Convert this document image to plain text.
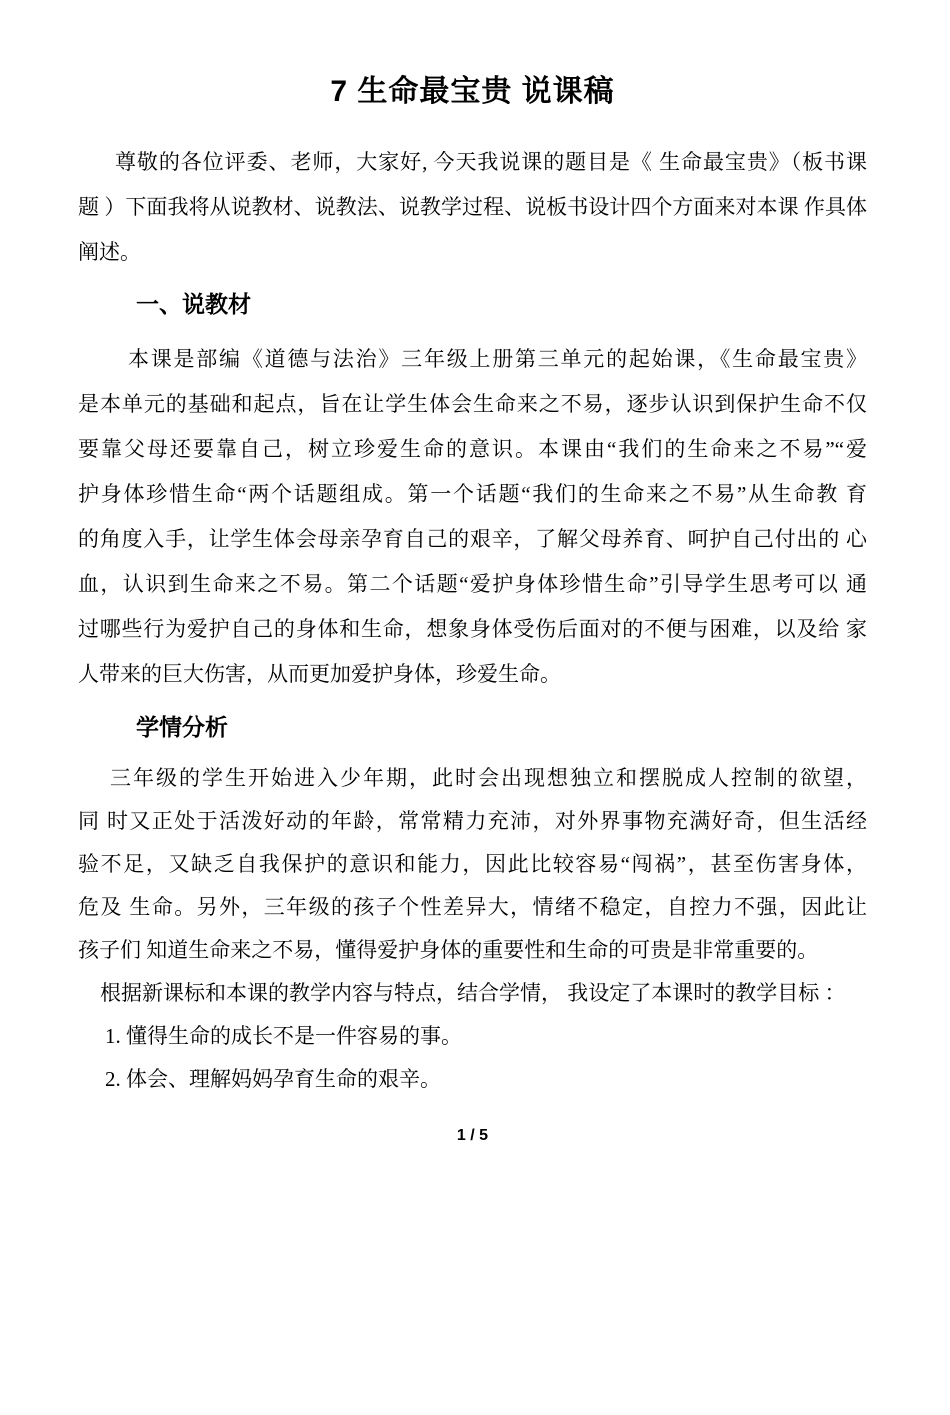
7 生命最宝贵 说课稿
尊敬的各位评委、老师，大家好, 今天我说课的题目是《 生命最宝贵》（板书课
题 ）下面我将从说教材、说教法、说教学过程、说板书设计四个方面来对本课 作具体
阐述。
一、说教材
本课是部编《道德与法治》三年级上册第三单元的起始课，《生命最宝贵》
是本单元的基础和起点，旨在让学生体会生命来之不易，逐步认识到保护生命不仅
要靠父母还要靠自己，树立珍爱生命的意识。本课由“我们的生命来之不易”“爱
护身体珍惜生命“两个话题组成。第一个话题“我们的生命来之不易”从生命教 育
的角度入手，让学生体会母亲孕育自己的艰辛，了解父母养育、呵护自己付出的 心
血，认识到生命来之不易。第二个话题“爱护身体珍惜生命”引导学生思考可以 通
过哪些行为爱护自己的身体和生命，想象身体受伤后面对的不便与困难，以及给 家
人带来的巨大伤害，从而更加爱护身体，珍爱生命。
学情分析
三年级的学生开始进入少年期，此时会出现想独立和摆脱成人控制的欲望，
同 时又正处于活泼好动的年龄，常常精力充沛，对外界事物充满好奇，但生活经
验不足，又缺乏自我保护的意识和能力，因此比较容易“闯祸”，甚至伤害身体，
危及 生命。另外，三年级的孩子个性差异大，情绪不稳定，自控力不强，因此让
孩子们 知道生命来之不易，懂得爱护身体的重要性和生命的可贵是非常重要的。
根据新课标和本课的教学内容与特点，结合学情， 我设定了本课时的教学目标 ：
1. 懂得生命的成长不是一件容易的事。
2. 体会、理解妈妈孕育生命的艰辛。
1 / 5
